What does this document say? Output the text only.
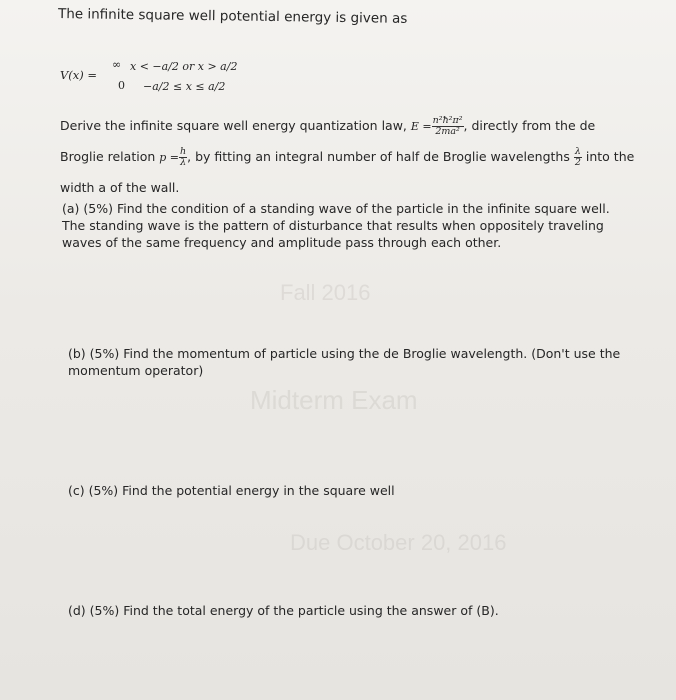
Fall 2016
Midterm Exam
Due October 20, 2016
The infinite square well potential energy is given as
V(x) =
∞ x < −a/2 or x > a/2
0 −a/2 ≤ x ≤ a/2
Derive the infinite square well energy quantization law, $E = \frac{\text{n²ħ²π²}}{\text{2ma²}}$ , directly from the de
Broglie relation $p = \frac{h}{\lambda}$ , by fitting an integral number of half de Broglie wavelengths $\frac{\lambda}{2}$ into the
width a of the wall.
(a) (5%) Find the condition of a standing wave of the particle in the infinite square well. The standing wave is the pattern of disturbance that results when oppositely traveling waves of the same frequency and amplitude pass through each other.
(b) (5%) Find the momentum of particle using the de Broglie wavelength. (Don't use the momentum operator)
(c) (5%) Find the potential energy in the square well
(d) (5%) Find the total energy of the particle using the answer of (B).
